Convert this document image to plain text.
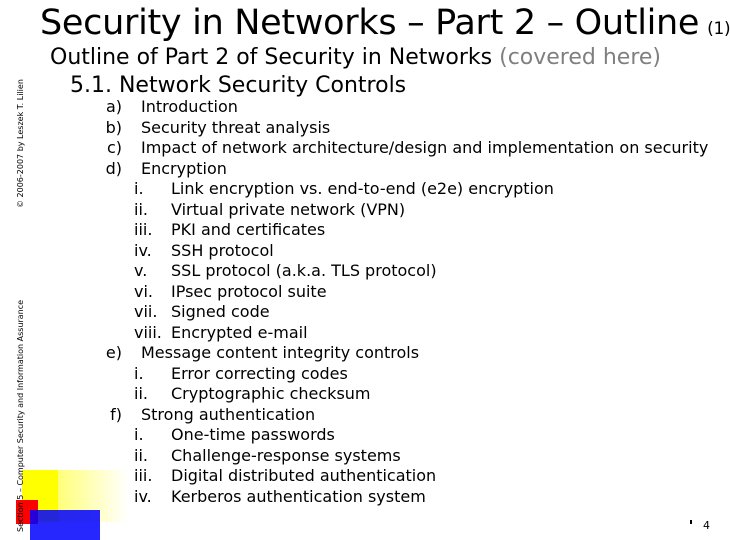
© 2006-2007 by Leszek T. Lilien
Section 5 – Computer Security and Information Assurance
Security in Networks – Part 2 – Outline (1)
Outline of Part 2 of Security in Networks (covered here)
5.1. Network Security Controls
a) Introduction
b) Security threat analysis
c) Impact of network architecture/design and implementation on security
d) Encryption
i.	Link encryption vs. end-to-end (e2e) encryption
ii.	Virtual private network (VPN)
iii.	PKI and certificates
iv.	SSH protocol
v.	SSL protocol (a.k.a. TLS protocol)
vi.	IPsec protocol suite
vii. Signed code
viii. Encrypted e-mail
e) Message content integrity controls
i.	Error correcting codes
ii.	Cryptographic checksum
f) Strong authentication
i.	One-time passwords
ii.	Challenge-response systems
iii.	Digital distributed authentication
iv.	Kerberos authentication system
4
